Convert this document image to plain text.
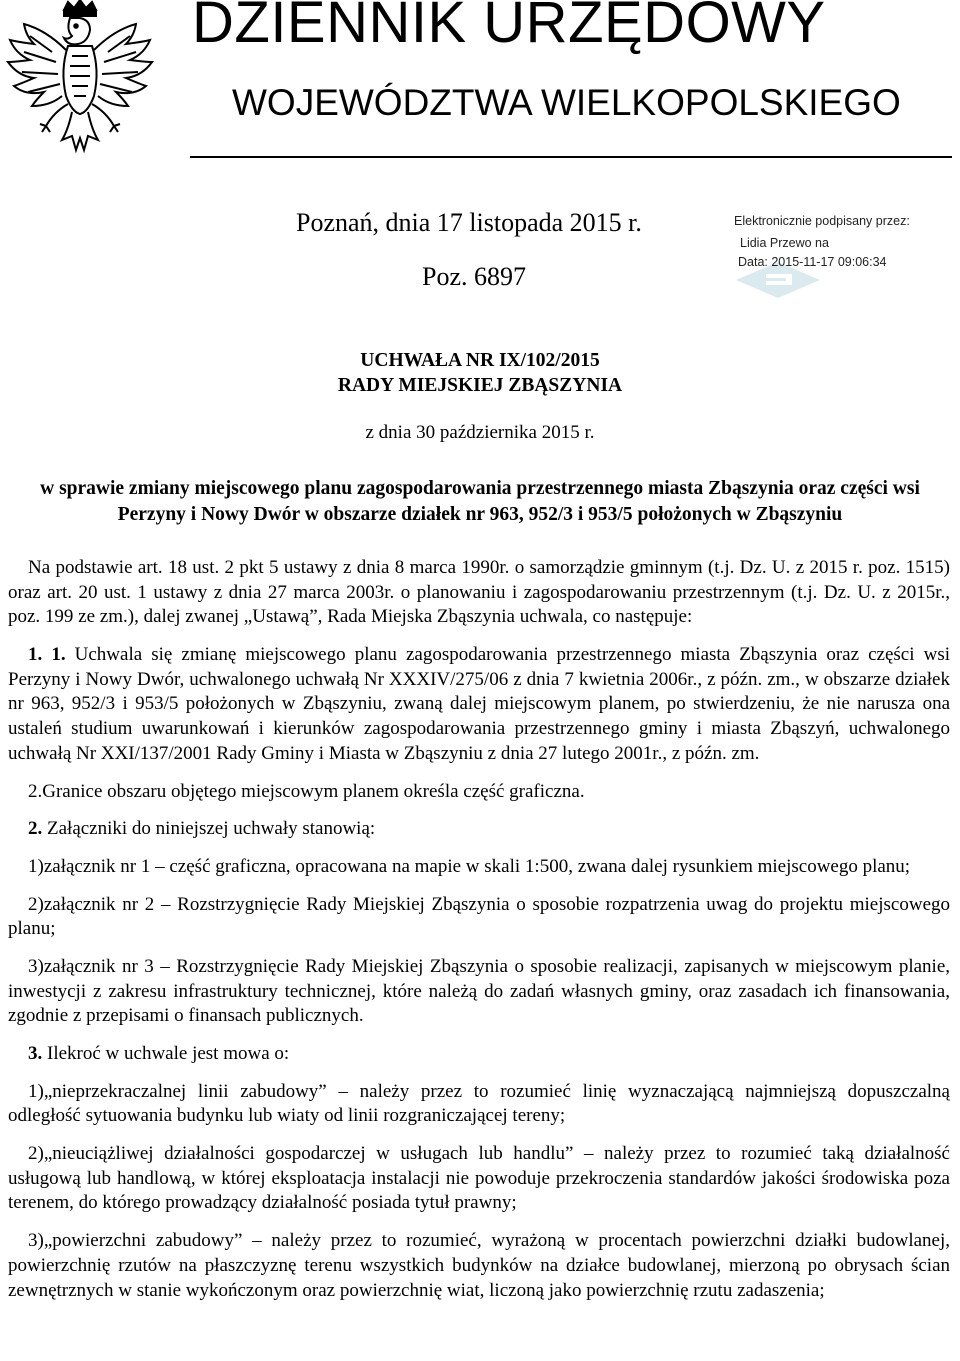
DZIENNIK URZĘDOWY
WOJEWÓDZTWA WIELKOPOLSKIEGO
Poznań, dnia 17 listopada 2015 r.
Poz. 6897
Elektronicznie podpisany przez:
Lidia Przewo na
Data: 2015-11-17 09:06:34
UCHWAŁA NR IX/102/2015
RADY MIEJSKIEJ ZBĄSZYNIA
z dnia 30 października 2015 r.
w sprawie zmiany miejscowego planu zagospodarowania przestrzennego miasta Zbąszynia oraz części wsi Perzyny i Nowy Dwór w obszarze działek nr 963, 952/3 i 953/5 położonych w Zbąszyniu

Na podstawie art. 18 ust. 2 pkt 5 ustawy z dnia 8 marca 1990r. o samorządzie gminnym (t.j. Dz. U. z 2015 r. poz. 1515) oraz art. 20 ust. 1 ustawy z dnia 27 marca 2003r. o planowaniu i zagospodarowaniu przestrzennym (t.j. Dz. U. z 2015r., poz. 199 ze zm.), dalej zwanej „Ustawą”, Rada Miejska Zbąszynia uchwala, co następuje:

1. 1. Uchwala się zmianę miejscowego planu zagospodarowania przestrzennego miasta Zbąszynia oraz części wsi Perzyny i Nowy Dwór, uchwalonego uchwałą Nr XXXIV/275/06 z dnia 7 kwietnia 2006r., z późn. zm., w obszarze działek nr 963, 952/3 i 953/5 położonych w Zbąszyniu, zwaną dalej miejscowym planem, po stwierdzeniu, że nie narusza ona ustaleń studium uwarunkowań i kierunków zagospodarowania przestrzennego gminy i miasta Zbąszyń, uchwalonego uchwałą Nr XXI/137/2001 Rady Gminy i Miasta w Zbąszyniu z dnia 27 lutego 2001r., z późn. zm.

2.Granice obszaru objętego miejscowym planem określa część graficzna.

2. Załączniki do niniejszej uchwały stanowią:

1)załącznik nr 1 – część graficzna, opracowana na mapie w skali 1:500, zwana dalej rysunkiem miejscowego planu;

2)załącznik nr 2 – Rozstrzygnięcie Rady Miejskiej Zbąszynia o sposobie rozpatrzenia uwag do projektu miejscowego planu;

3)załącznik nr 3 – Rozstrzygnięcie Rady Miejskiej Zbąszynia o sposobie realizacji, zapisanych w miejscowym planie, inwestycji z zakresu infrastruktury technicznej, które należą do zadań własnych gminy, oraz zasadach ich finansowania, zgodnie z przepisami o finansach publicznych.

3. Ilekroć w uchwale jest mowa o:

1)„nieprzekraczalnej linii zabudowy” – należy przez to rozumieć linię wyznaczającą najmniejszą dopuszczalną odległość sytuowania budynku lub wiaty od linii rozgraniczającej tereny;

2)„nieuciążliwej działalności gospodarczej w usługach lub handlu” – należy przez to rozumieć taką działalność usługową lub handlową, w której eksploatacja instalacji nie powoduje przekroczenia standardów jakości środowiska poza terenem, do którego prowadzący działalność posiada tytuł prawny;

3)„powierzchni zabudowy” – należy przez to rozumieć, wyrażoną w procentach powierzchni działki budowlanej, powierzchnię rzutów na płaszczyznę terenu wszystkich budynków na działce budowlanej, mierzoną po obrysach ścian zewnętrznych w stanie wykończonym oraz powierzchnię wiat, liczoną jako powierzchnię rzutu zadaszenia;
